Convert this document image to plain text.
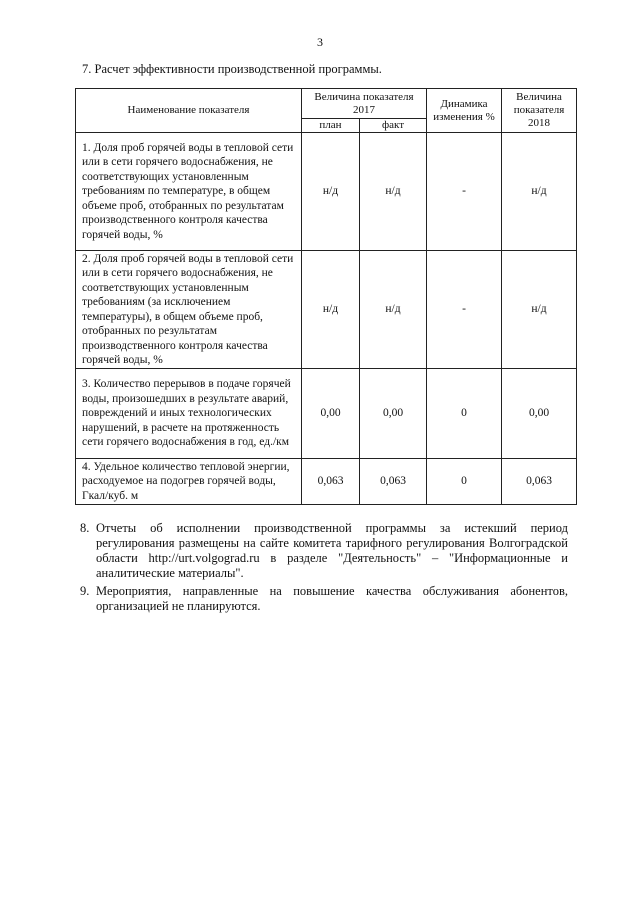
3
7. Расчет эффективности производственной программы.
Наименование показателя	Величина показателя 2017		Динамика изменения %	Величина показателя 2018
	план	факт		
1. Доля проб горячей воды в тепловой сети или в сети горячего водоснабжения, не соответствующих установленным требованиям по температуре, в общем объеме проб, отобранных по результатам производственного контроля качества горячей воды, %	н/д	н/д	-	н/д
2. Доля проб горячей воды в тепловой сети или в сети горячего водоснабжения, не соответствующих установленным требованиям (за исключением температуры), в общем объеме проб, отобранных по результатам производственного контроля качества горячей воды, %	н/д	н/д	-	н/д
3. Количество перерывов в подаче горячей воды, произошедших в результате аварий, повреждений и иных технологических нарушений, в расчете на протяженность сети горячего водоснабжения в год, ед./км	0,00	0,00	0	0,00
4. Удельное количество тепловой энергии, расходуемое на подогрев горячей воды, Гкал/куб. м	0,063	0,063	0	0,063
8. Отчеты об исполнении производственной программы за истекший период регулирования размещены на сайте комитета тарифного регулирования Волгоградской области http://urt.volgograd.ru в разделе "Деятельность" – "Информационные и аналитические материалы".
9. Мероприятия, направленные на повышение качества обслуживания абонентов, организацией не планируются.
